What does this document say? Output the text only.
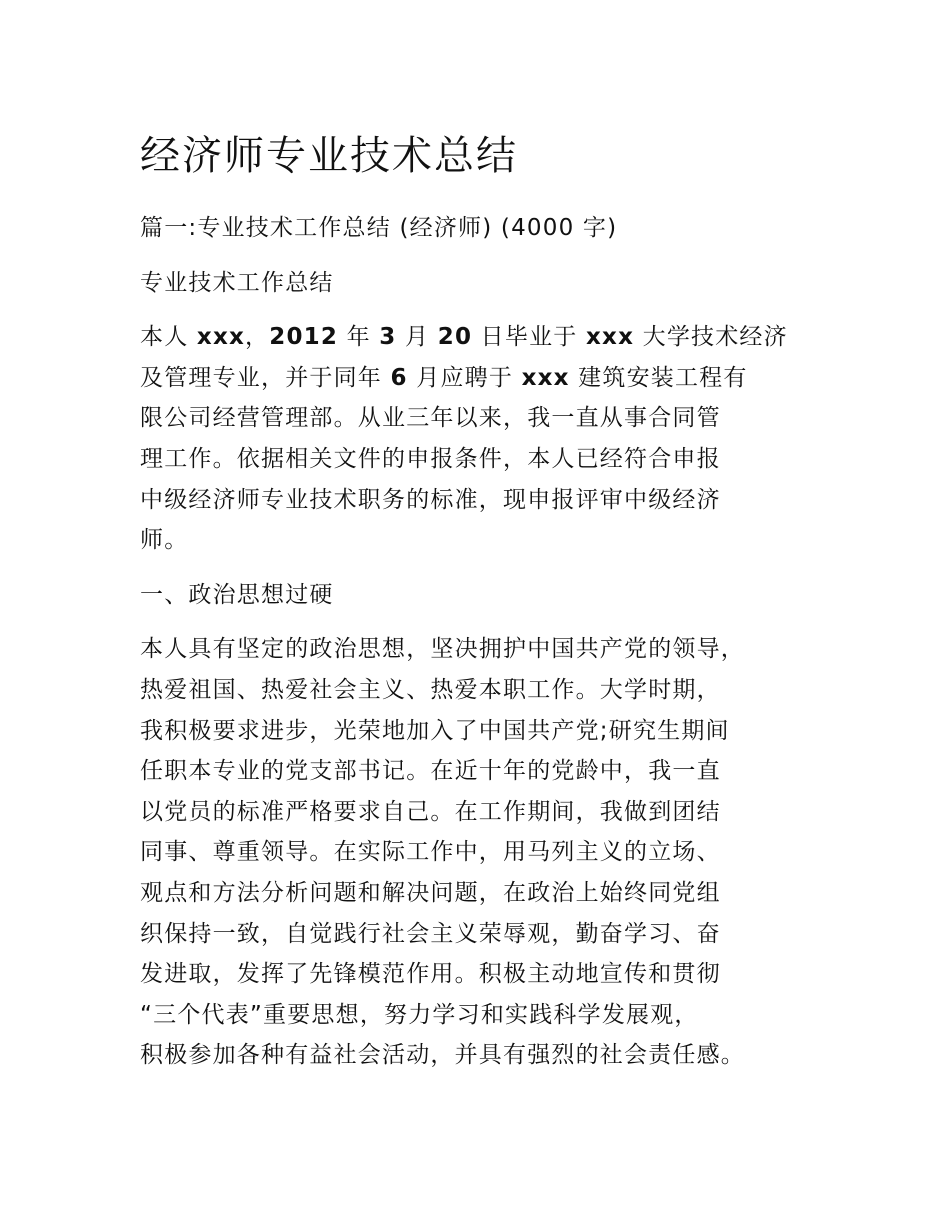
经济师专业技术总结

篇一:专业技术工作总结 (经济师) (4000 字)

专业技术工作总结

本人 xxx，2012 年 3 月 20 日毕业于 xxx 大学技术经济

及管理专业，并于同年 6 月应聘于 xxx 建筑安装工程有

限公司经营管理部。从业三年以来，我一直从事合同管

理工作。依据相关文件的申报条件，本人已经符合申报

中级经济师专业技术职务的标准，现申报评审中级经济

师。

一、政治思想过硬

本人具有坚定的政治思想，坚决拥护中国共产党的领导，

热爱祖国、热爱社会主义、热爱本职工作。大学时期，

我积极要求进步，光荣地加入了中国共产党;研究生期间

任职本专业的党支部书记。在近十年的党龄中，我一直

以党员的标准严格要求自己。在工作期间，我做到团结

同事、尊重领导。在实际工作中，用马列主义的立场、

观点和方法分析问题和解决问题，在政治上始终同党组

织保持一致，自觉践行社会主义荣辱观，勤奋学习、奋

发进取，发挥了先锋模范作用。积极主动地宣传和贯彻

“三个代表”重要思想，努力学习和实践科学发展观，

积极参加各种有益社会活动，并具有强烈的社会责任感。
